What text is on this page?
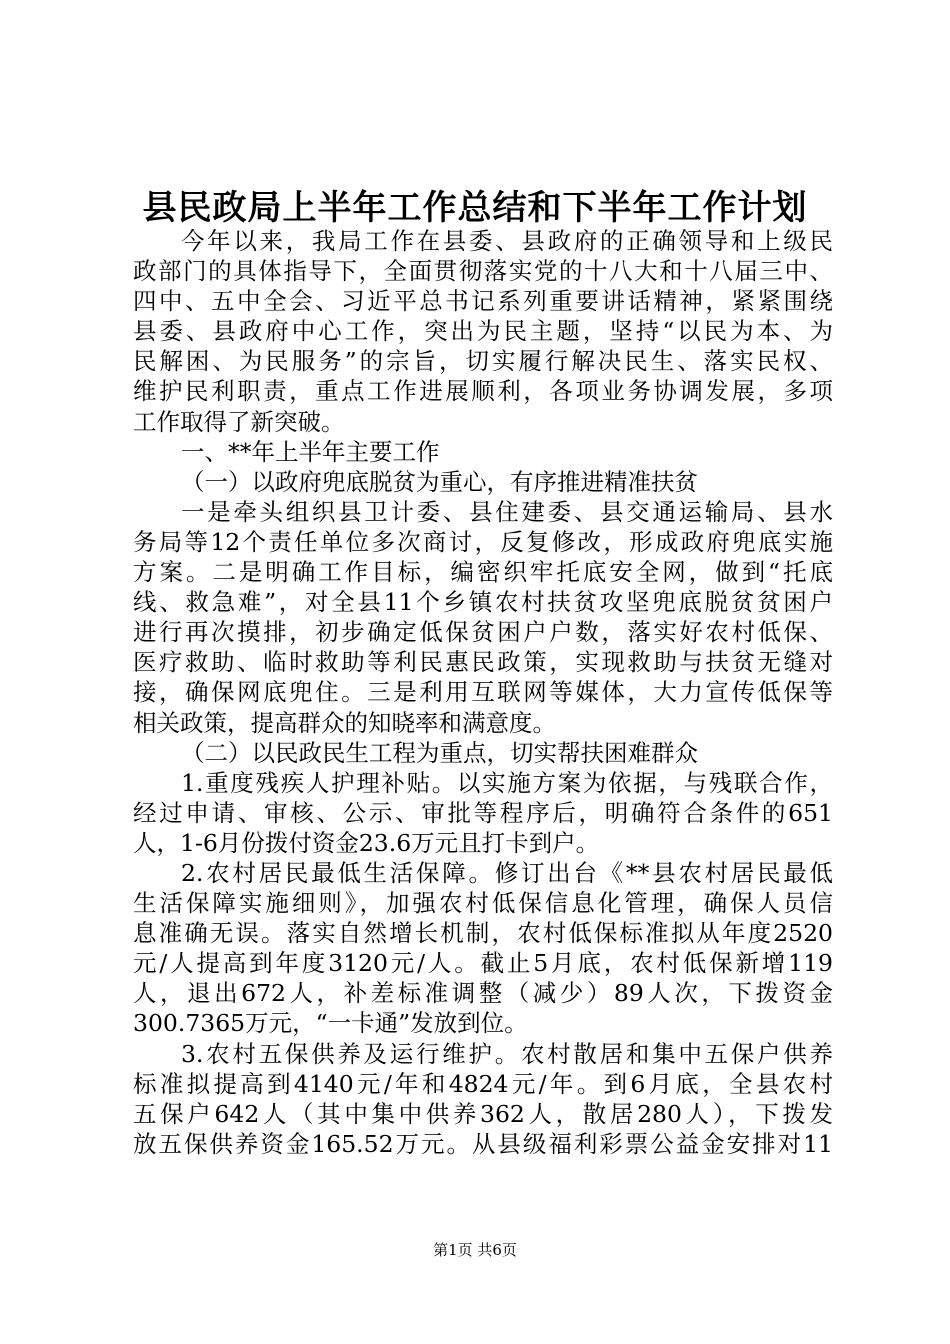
县民政局上半年工作总结和下半年工作计划
今年以来，我局工作在县委、县政府的正确领导和上级民
政部门的具体指导下，全面贯彻落实党的十八大和十八届三中、
四中、五中全会、习近平总书记系列重要讲话精神，紧紧围绕
县委、县政府中心工作，突出为民主题，坚持“以民为本、为
民解困、为民服务”的宗旨，切实履行解决民生、落实民权、
维护民利职责，重点工作进展顺利，各项业务协调发展，多项
工作取得了新突破。
一、**年上半年主要工作
（一）以政府兜底脱贫为重心，有序推进精准扶贫
一是牵头组织县卫计委、县住建委、县交通运输局、县水
务局等12个责任单位多次商讨，反复修改，形成政府兜底实施
方案。二是明确工作目标，编密织牢托底安全网，做到“托底
线、救急难”，对全县11个乡镇农村扶贫攻坚兜底脱贫贫困户
进行再次摸排，初步确定低保贫困户户数，落实好农村低保、
医疗救助、临时救助等利民惠民政策，实现救助与扶贫无缝对
接，确保网底兜住。三是利用互联网等媒体，大力宣传低保等
相关政策，提高群众的知晓率和满意度。
（二）以民政民生工程为重点，切实帮扶困难群众
1.重度残疾人护理补贴。以实施方案为依据，与残联合作，
经过申请、审核、公示、审批等程序后，明确符合条件的651
人，1-6月份拨付资金23.6万元且打卡到户。
2.农村居民最低生活保障。修订出台《**县农村居民最低
生活保障实施细则》，加强农村低保信息化管理，确保人员信
息准确无误。落实自然增长机制，农村低保标准拟从年度2520
元/人提高到年度3120元/人。截止5月底，农村低保新增119
人，退出672人，补差标准调整（减少）89人次，下拨资金
300.7365万元，“一卡通”发放到位。
3.农村五保供养及运行维护。农村散居和集中五保户供养
标准拟提高到4140元/年和4824元/年。到6月底，全县农村
五保户642人（其中集中供养362人，散居280人），下拨发
放五保供养资金165.52万元。从县级福利彩票公益金安排对11
第1页 共6页
